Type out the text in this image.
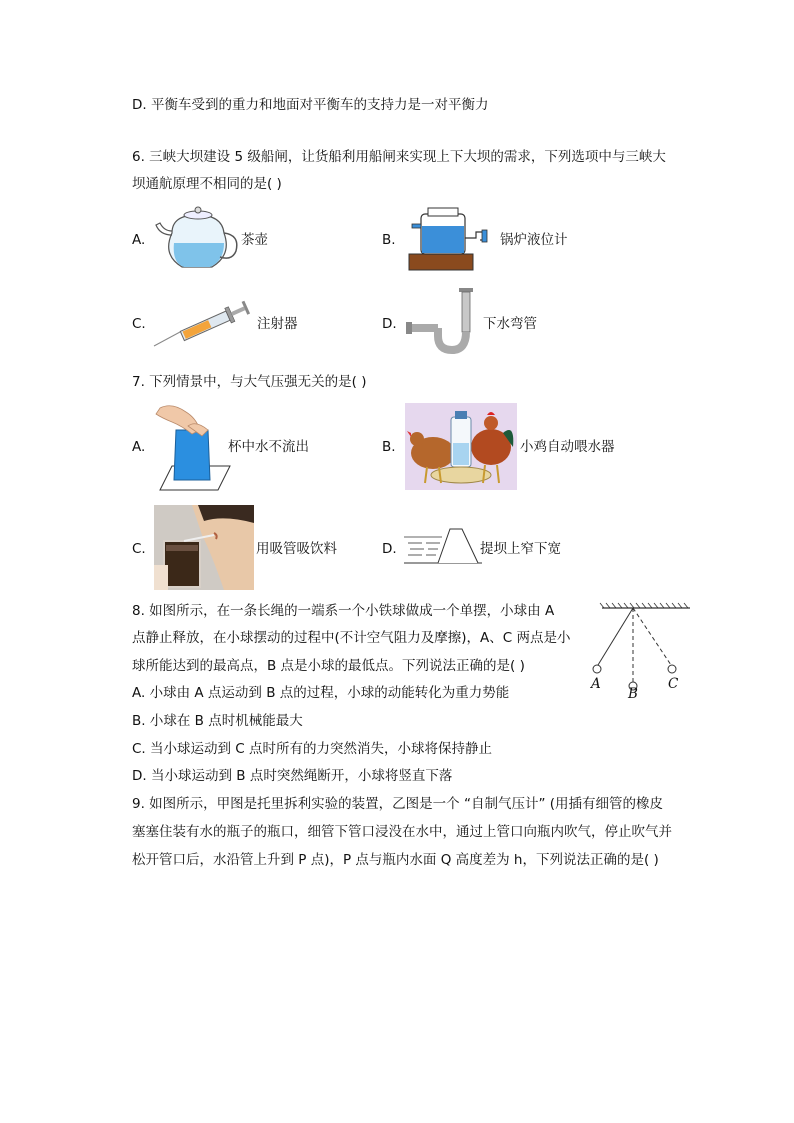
D. 平衡车受到的重力和地面对平衡车的支持力是一对平衡力
6. 三峡大坝建设 5 级船闸，让货船利用船闸来实现上下大坝的需求，下列选项中与三峡大
坝通航原理不相同的是( )
A.	茶壶	B.	锅炉液位计
C.	注射器	D.	下水弯管
7. 下列情景中，与大气压强无关的是( )
A.	杯中水不流出	B.	小鸡自动喂水器
C.	用吸管吸饮料	D.	提坝上窄下宽
8. 如图所示，在一条长绳的一端系一个小铁球做成一个单摆，小球由 A
点静止释放，在小球摆动的过程中(不计空气阻力及摩擦)，A、C 两点是小
球所能达到的最高点，B 点是小球的最低点。下列说法正确的是( )
A. 小球由 A 点运动到 B 点的过程，小球的动能转化为重力势能
B. 小球在 B 点时机械能最大
C. 当小球运动到 C 点时所有的力突然消失，小球将保持静止
D. 当小球运动到 B 点时突然绳断开，小球将竖直下落
A
B
C
9. 如图所示，甲图是托里拆利实验的装置，乙图是一个 “自制气压计” (用插有细管的橡皮
塞塞住装有水的瓶子的瓶口，细管下管口浸没在水中，通过上管口向瓶内吹气，停止吹气并
松开管口后，水沿管上升到 P 点)，P 点与瓶内水面 Q 高度差为 h，下列说法正确的是( )
